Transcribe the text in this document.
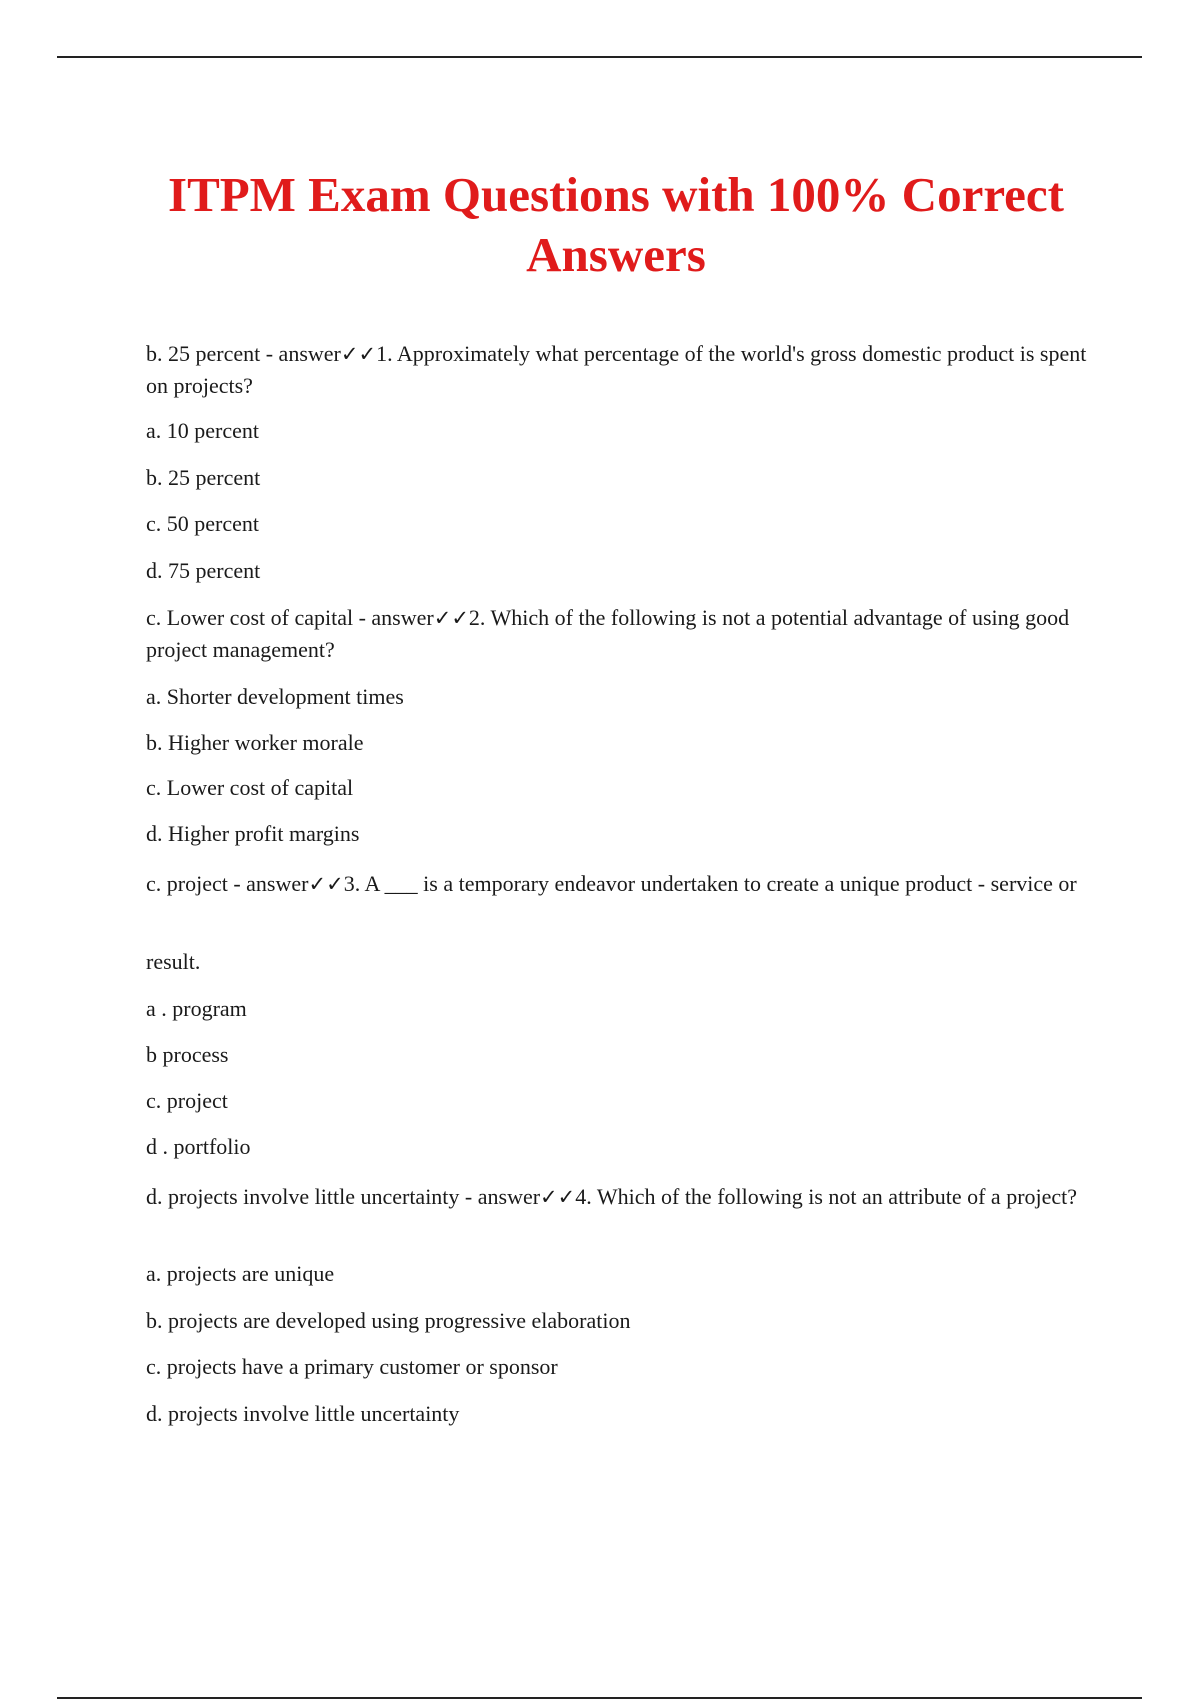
ITPM Exam Questions with 100% Correct
Answers

b. 25 percent - answer✓✓1. Approximately what percentage of the world's gross domestic product is spent on projects?

a. 10 percent

b. 25 percent

c. 50 percent

d. 75 percent

c. Lower cost of capital - answer✓✓2. Which of the following is not a potential advantage of using good project management?

a. Shorter development times

b. Higher worker morale

c. Lower cost of capital

d. Higher profit margins

c. project - answer✓✓3. A ___ is a temporary endeavor undertaken to create a unique product - service or

result.

a . program

b process

c. project

d . portfolio

d. projects involve little uncertainty - answer✓✓4. Which of the following is not an attribute of a project?

a. projects are unique

b. projects are developed using progressive elaboration

c. projects have a primary customer or sponsor

d. projects involve little uncertainty
